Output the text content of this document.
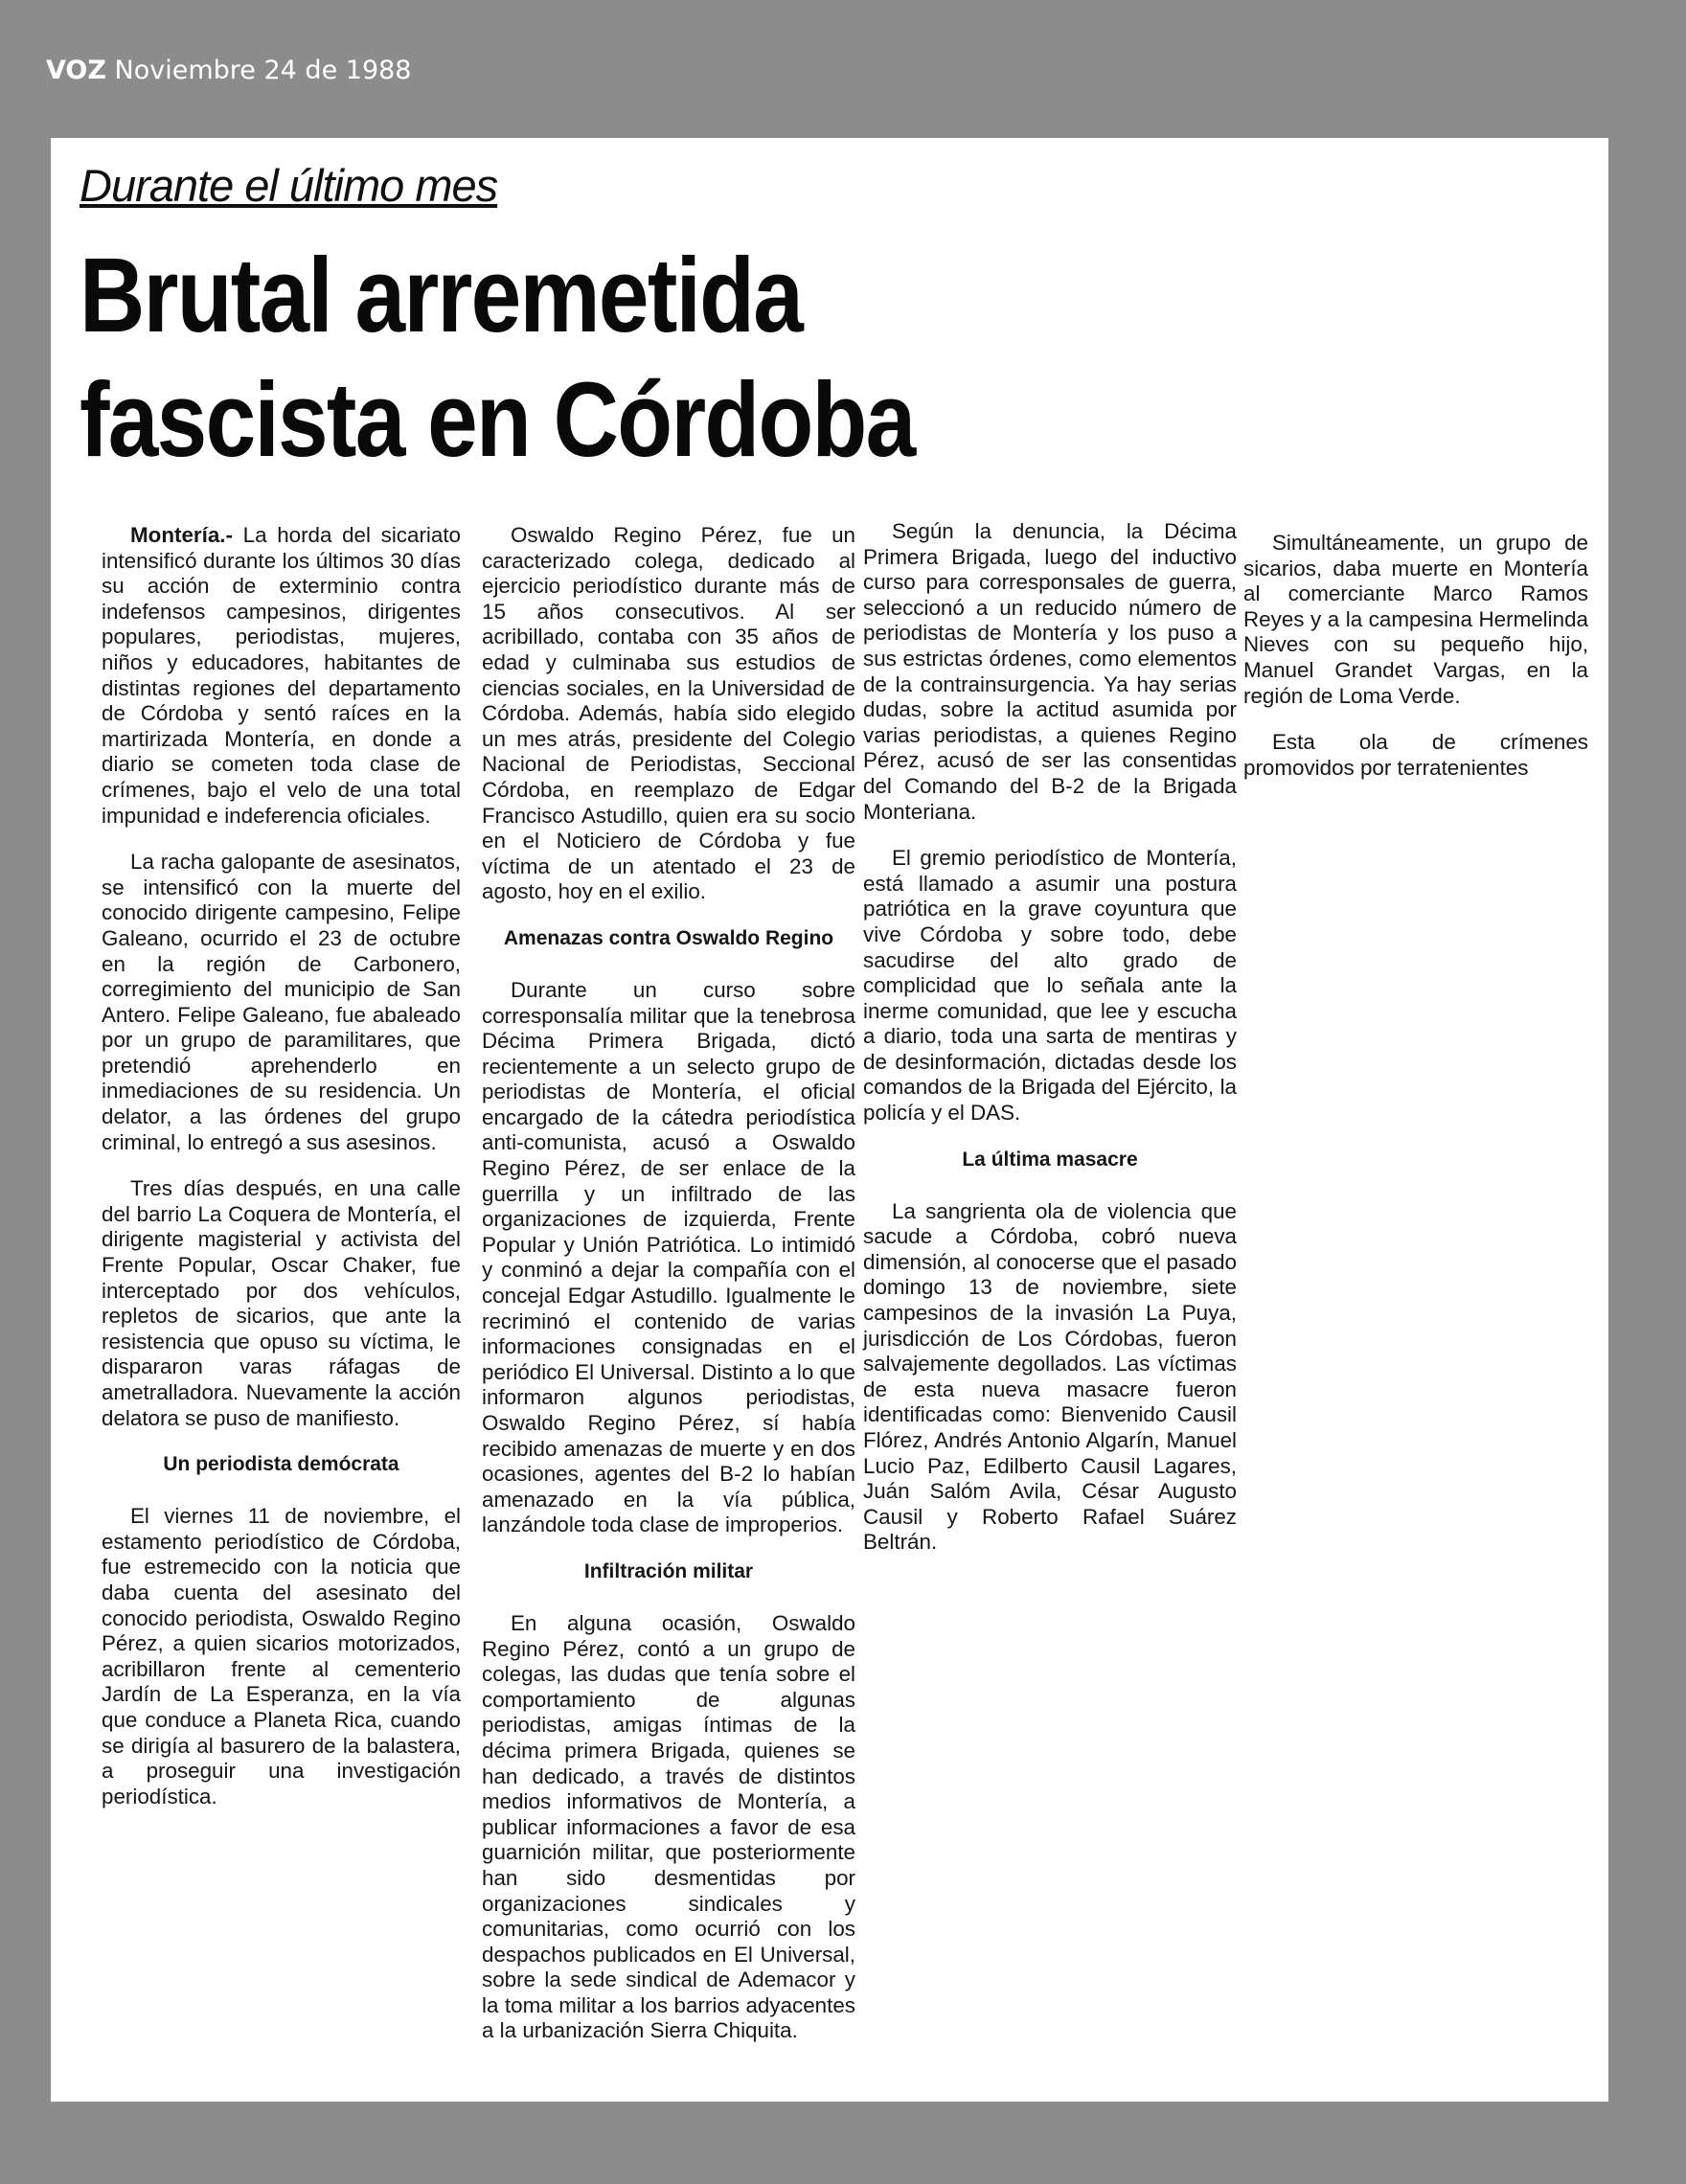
VOZ Noviembre 24 de 1988
Durante el último mes
Brutal arremetida
fascista en Córdoba

Montería.- La horda del sicariato intensificó durante los últimos 30 días su acción de exterminio contra indefensos campesinos, dirigentes populares, periodistas, mujeres, niños y educadores, habitantes de distintas regiones del departamento de Córdoba y sentó raíces en la martirizada Montería, en donde a diario se cometen toda clase de crímenes, bajo el velo de una total impunidad e indeferencia oficiales.

La racha galopante de asesinatos, se intensificó con la muerte del conocido dirigente campesino, Felipe Galeano, ocurrido el 23 de octubre en la región de Carbonero, corregimiento del municipio de San Antero. Felipe Galeano, fue abaleado por un grupo de paramilitares, que pretendió aprehenderlo en inmediaciones de su residencia. Un delator, a las órdenes del grupo criminal, lo entregó a sus asesinos.

Tres días después, en una calle del barrio La Coquera de Montería, el dirigente magisterial y activista del Frente Popular, Oscar Chaker, fue interceptado por dos vehículos, repletos de sicarios, que ante la resistencia que opuso su víctima, le dispararon varas ráfagas de ametralladora. Nuevamente la acción delatora se puso de manifiesto.

Un periodista demócrata

El viernes 11 de noviembre, el estamento periodístico de Córdoba, fue estremecido con la noticia que daba cuenta del asesinato del conocido periodista, Oswaldo Regino Pérez, a quien sicarios motorizados, acribillaron frente al cementerio Jardín de La Esperanza, en la vía que conduce a Planeta Rica, cuando se dirigía al basurero de la balastera, a proseguir una investigación periodística.

Oswaldo Regino Pérez, fue un caracterizado colega, dedicado al ejercicio periodístico durante más de 15 años consecutivos. Al ser acribillado, contaba con 35 años de edad y culminaba sus estudios de ciencias sociales, en la Universidad de Córdoba. Además, había sido elegido un mes atrás, presidente del Colegio Nacional de Periodistas, Seccional Córdoba, en reemplazo de Edgar Francisco Astudillo, quien era su socio en el Noticiero de Córdoba y fue víctima de un atentado el 23 de agosto, hoy en el exilio.

Amenazas contra Oswaldo Regino

Durante un curso sobre corresponsalía militar que la tenebrosa Décima Primera Brigada, dictó recientemente a un selecto grupo de periodistas de Montería, el oficial encargado de la cátedra periodística anti-comunista, acusó a Oswaldo Regino Pérez, de ser enlace de la guerrilla y un infiltrado de las organizaciones de izquierda, Frente Popular y Unión Patriótica. Lo intimidó y conminó a dejar la compañía con el concejal Edgar Astudillo. Igualmente le recriminó el contenido de varias informaciones consignadas en el periódico El Universal. Distinto a lo que informaron algunos periodistas, Oswaldo Regino Pérez, sí había recibido amenazas de muerte y en dos ocasiones, agentes del B-2 lo habían amenazado en la vía pública, lanzándole toda clase de improperios.

Infiltración militar

En alguna ocasión, Oswaldo Regino Pérez, contó a un grupo de colegas, las dudas que tenía sobre el comportamiento de algunas periodistas, amigas íntimas de la décima primera Brigada, quienes se han dedicado, a través de distintos medios informativos de Montería, a publicar informaciones a favor de esa guarnición militar, que posteriormente han sido desmentidas por organizaciones sindicales y comunitarias, como ocurrió con los despachos publicados en El Universal, sobre la sede sindical de Ademacor y la toma militar a los barrios adyacentes a la urbanización Sierra Chiquita.

Según la denuncia, la Décima Primera Brigada, luego del inductivo curso para corresponsales de guerra, seleccionó a un reducido número de periodistas de Montería y los puso a sus estrictas órdenes, como elementos de la contrainsurgencia. Ya hay serias dudas, sobre la actitud asumida por varias periodistas, a quienes Regino Pérez, acusó de ser las consentidas del Comando del B-2 de la Brigada Monteriana.

El gremio periodístico de Montería, está llamado a asumir una postura patriótica en la grave coyuntura que vive Córdoba y sobre todo, debe sacudirse del alto grado de complicidad que lo señala ante la inerme comunidad, que lee y escucha a diario, toda una sarta de mentiras y de desinformación, dictadas desde los comandos de la Brigada del Ejército, la policía y el DAS.

La última masacre

La sangrienta ola de violencia que sacude a Córdoba, cobró nueva dimensión, al conocerse que el pasado domingo 13 de noviembre, siete campesinos de la invasión La Puya, jurisdicción de Los Córdobas, fueron salvajemente degollados. Las víctimas de esta nueva masacre fueron identificadas como: Bienvenido Causil Flórez, Andrés Antonio Algarín, Manuel Lucio Paz, Edilberto Causil Lagares, Juán Salóm Avila, César Augusto Causil y Roberto Rafael Suárez Beltrán.

Simultáneamente, un grupo de sicarios, daba muerte en Montería al comerciante Marco Ramos Reyes y a la campesina Hermelinda Nieves con su pequeño hijo, Manuel Grandet Vargas, en la región de Loma Verde.

Esta ola de crímenes promovidos por terratenientes
